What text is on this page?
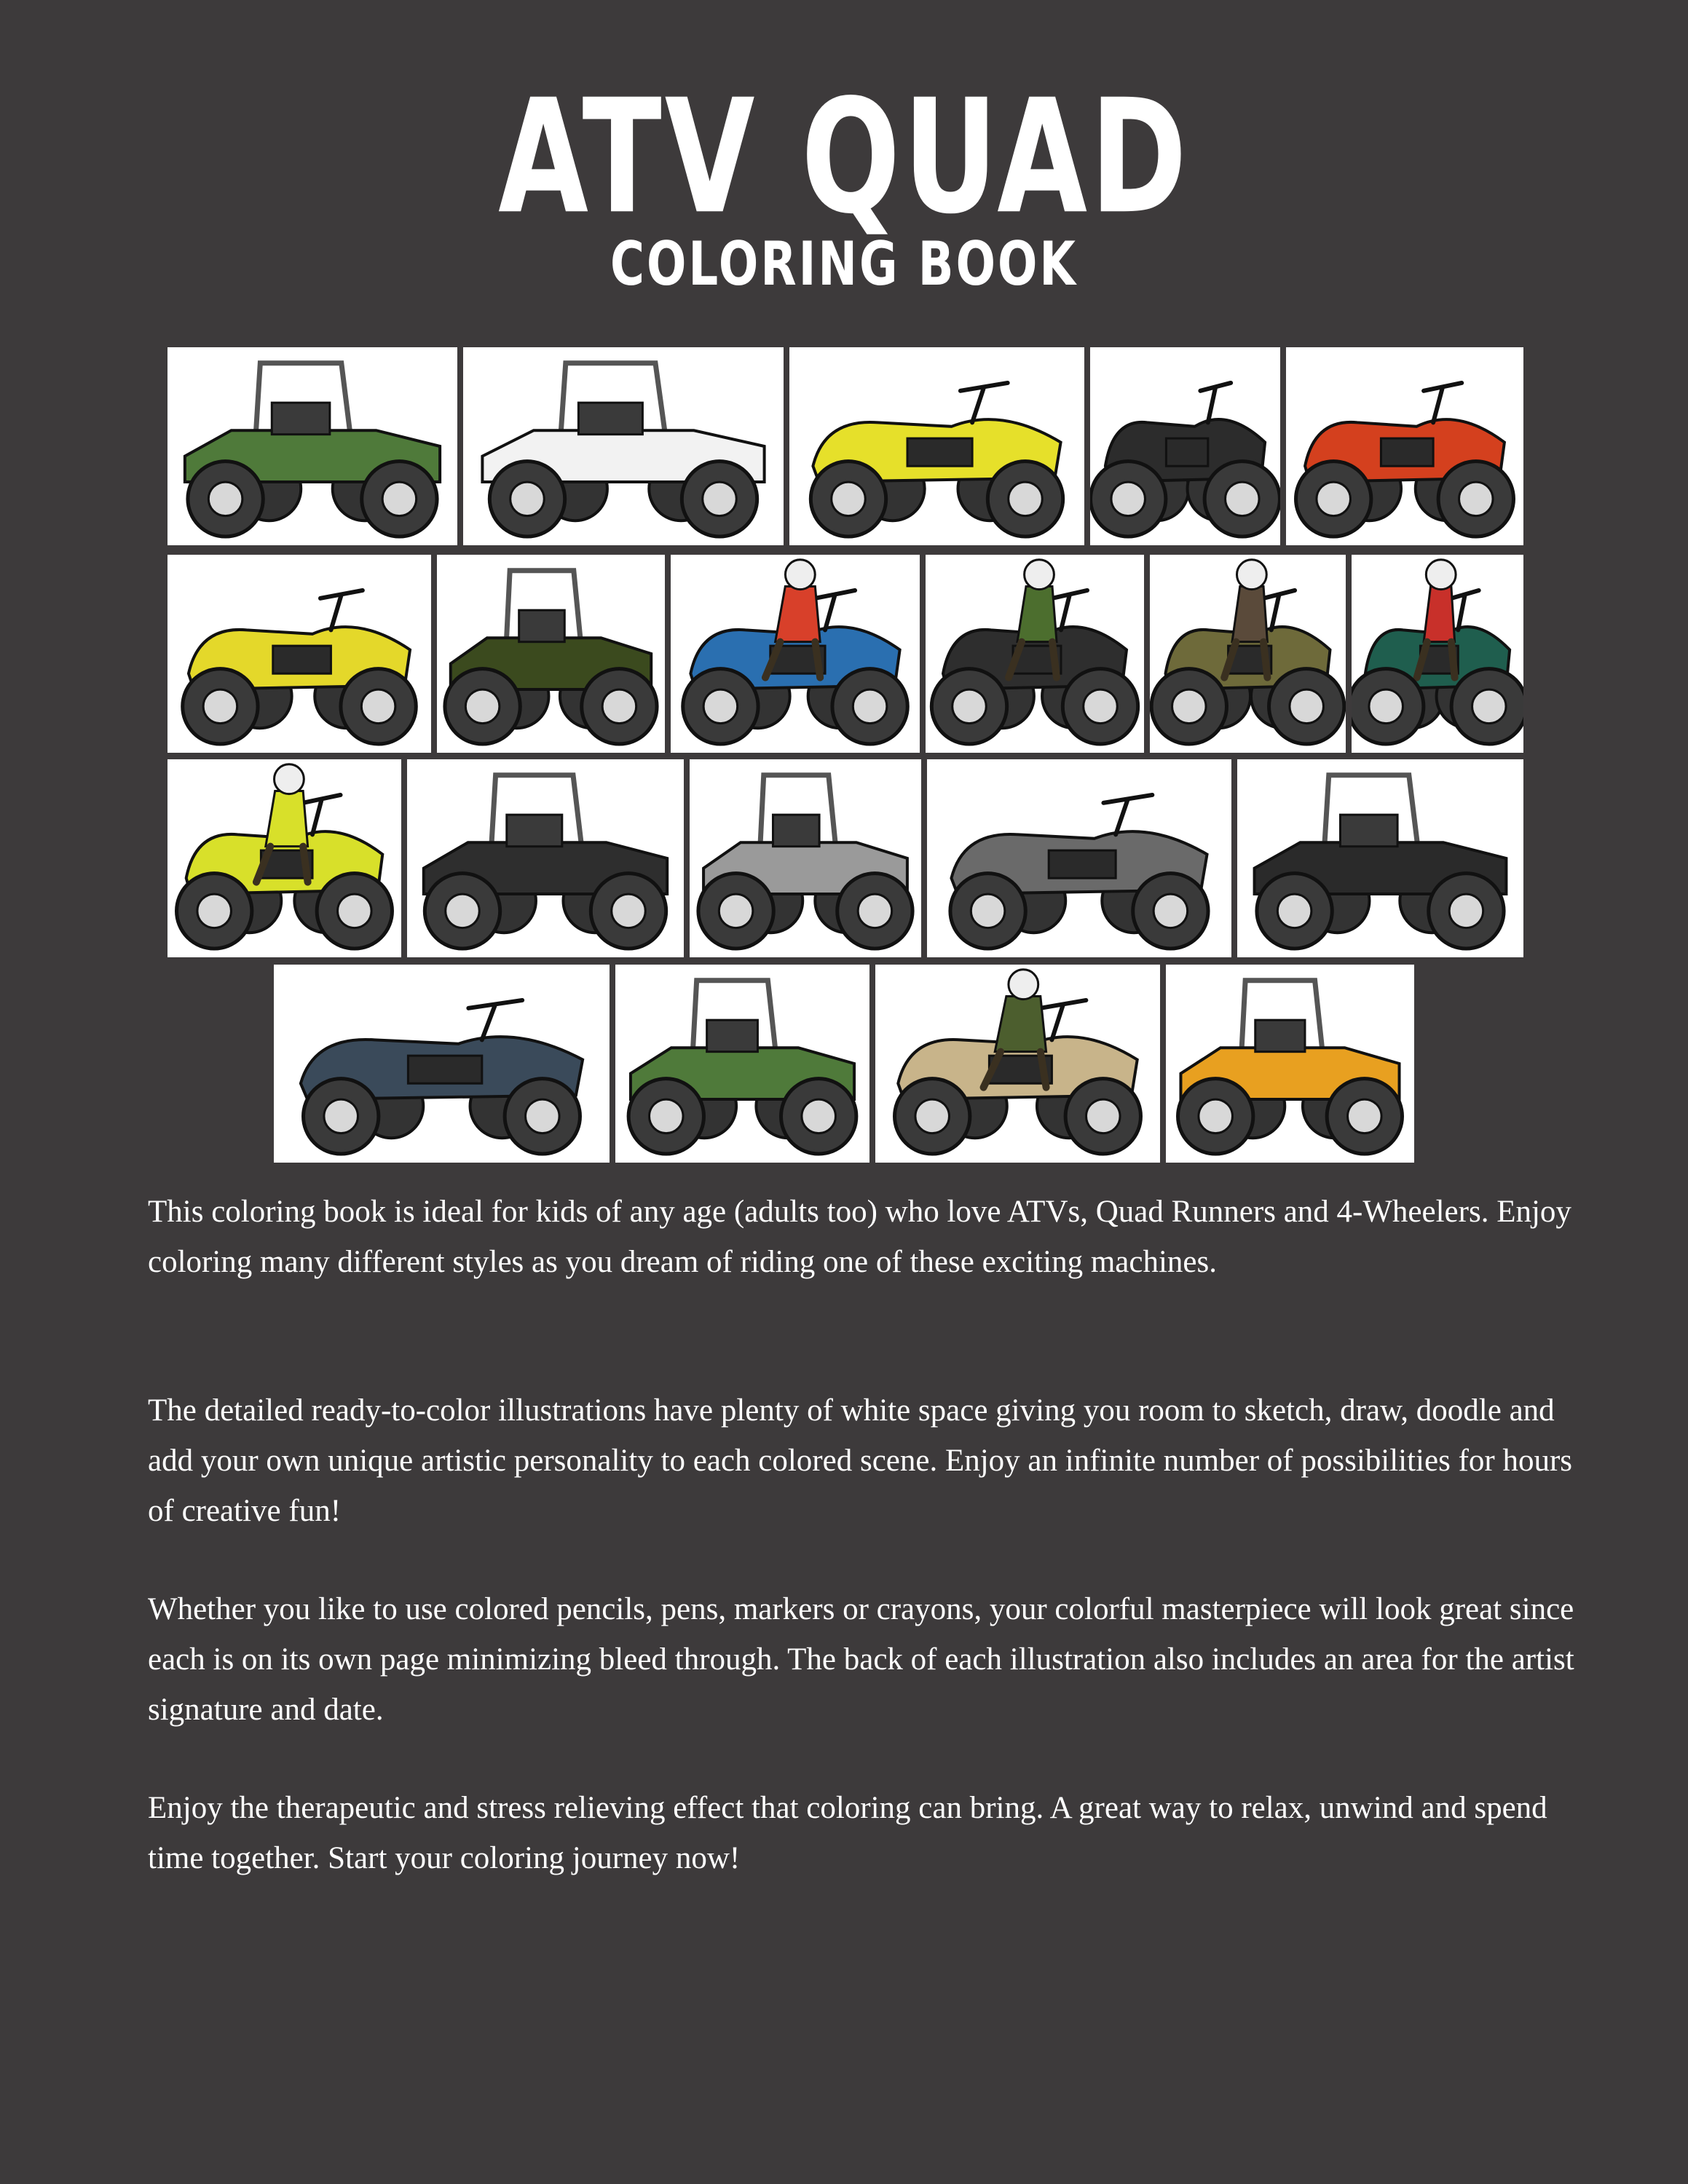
ATV QUAD
COLORING BOOK

This coloring book is ideal for kids of any age (adults too) who love ATVs, Quad Runners and 4-Wheelers. Enjoy coloring many different styles as you dream of riding one of these exciting machines.

The detailed ready-to-color illustrations have plenty of white space giving you room to sketch, draw, doodle and add your own unique artistic personality to each colored scene. Enjoy an infinite number of possibilities for hours of creative fun!

Whether you like to use colored pencils, pens, markers or crayons, your colorful masterpiece will look great since each is on its own page minimizing bleed through. The back of each illustration also includes an area for the artist signature and date.

Enjoy the therapeutic and stress relieving effect that coloring can bring. A great way to relax, unwind and spend time together. Start your coloring journey now!
